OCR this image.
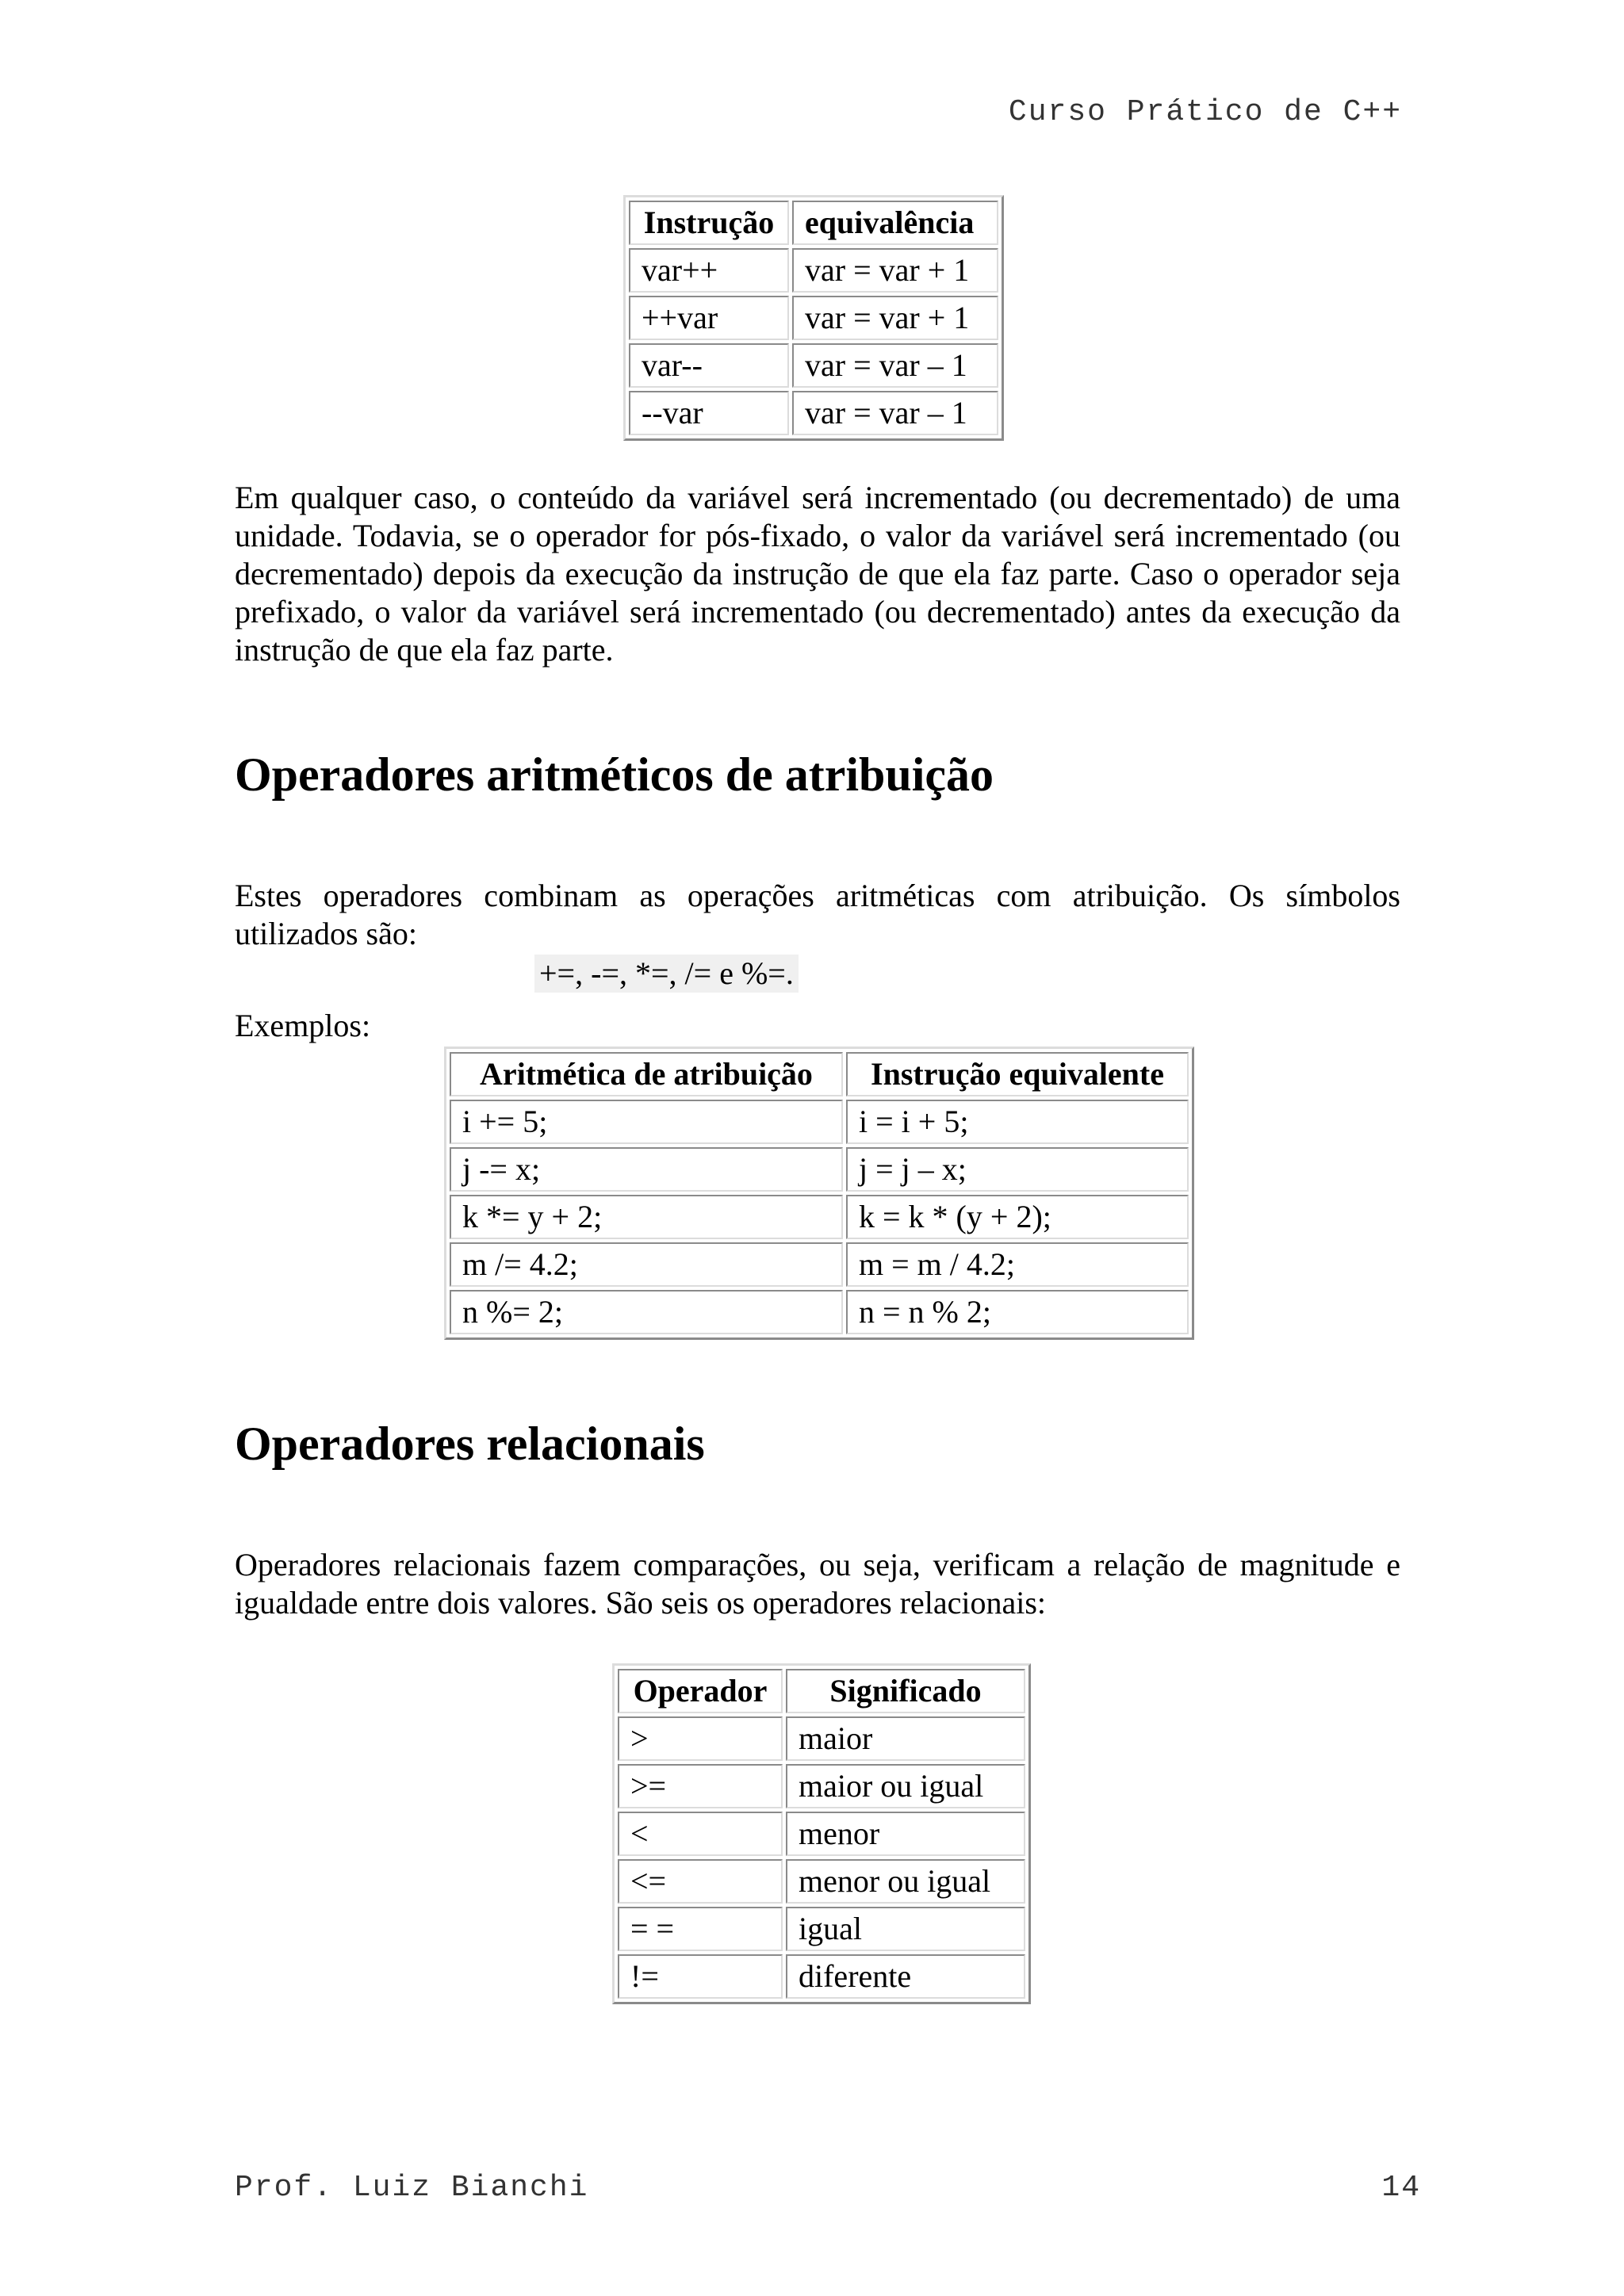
Curso Prático de C++
Instrução	equivalência
var++	var = var + 1
++var	var = var + 1
var--	var = var – 1
--var	var = var – 1

Em qualquer caso, o conteúdo da variável será incrementado (ou decrementado) de uma unidade. Todavia, se o operador for pós-fixado, o valor da variável será incrementado (ou decrementado) depois da execução da instrução de que ela faz parte. Caso o operador seja prefixado, o valor da variável será incrementado (ou decrementado) antes da execução da instrução de que ela faz parte.

Operadores aritméticos de atribuição

Estes operadores combinam as operações aritméticas com atribuição. Os símbolos utilizados são:

+=, -=, *=, /= e %=.

Exemplos:

Aritmética de atribuição	Instrução equivalente
i += 5;	i = i + 5;
j -= x;	j = j – x;
k *= y + 2;	k = k * (y + 2);
m /= 4.2;	m = m / 4.2;
n %= 2;	n = n % 2;
Operadores relacionais

Operadores relacionais fazem comparações, ou seja, verificam a relação de magnitude e igualdade entre dois valores. São seis os operadores relacionais:

Operador	Significado
>	maior
>=	maior ou igual
<	menor
<=	menor ou igual
= =	igual
!=	diferente
Prof. Luiz Bianchi	14
